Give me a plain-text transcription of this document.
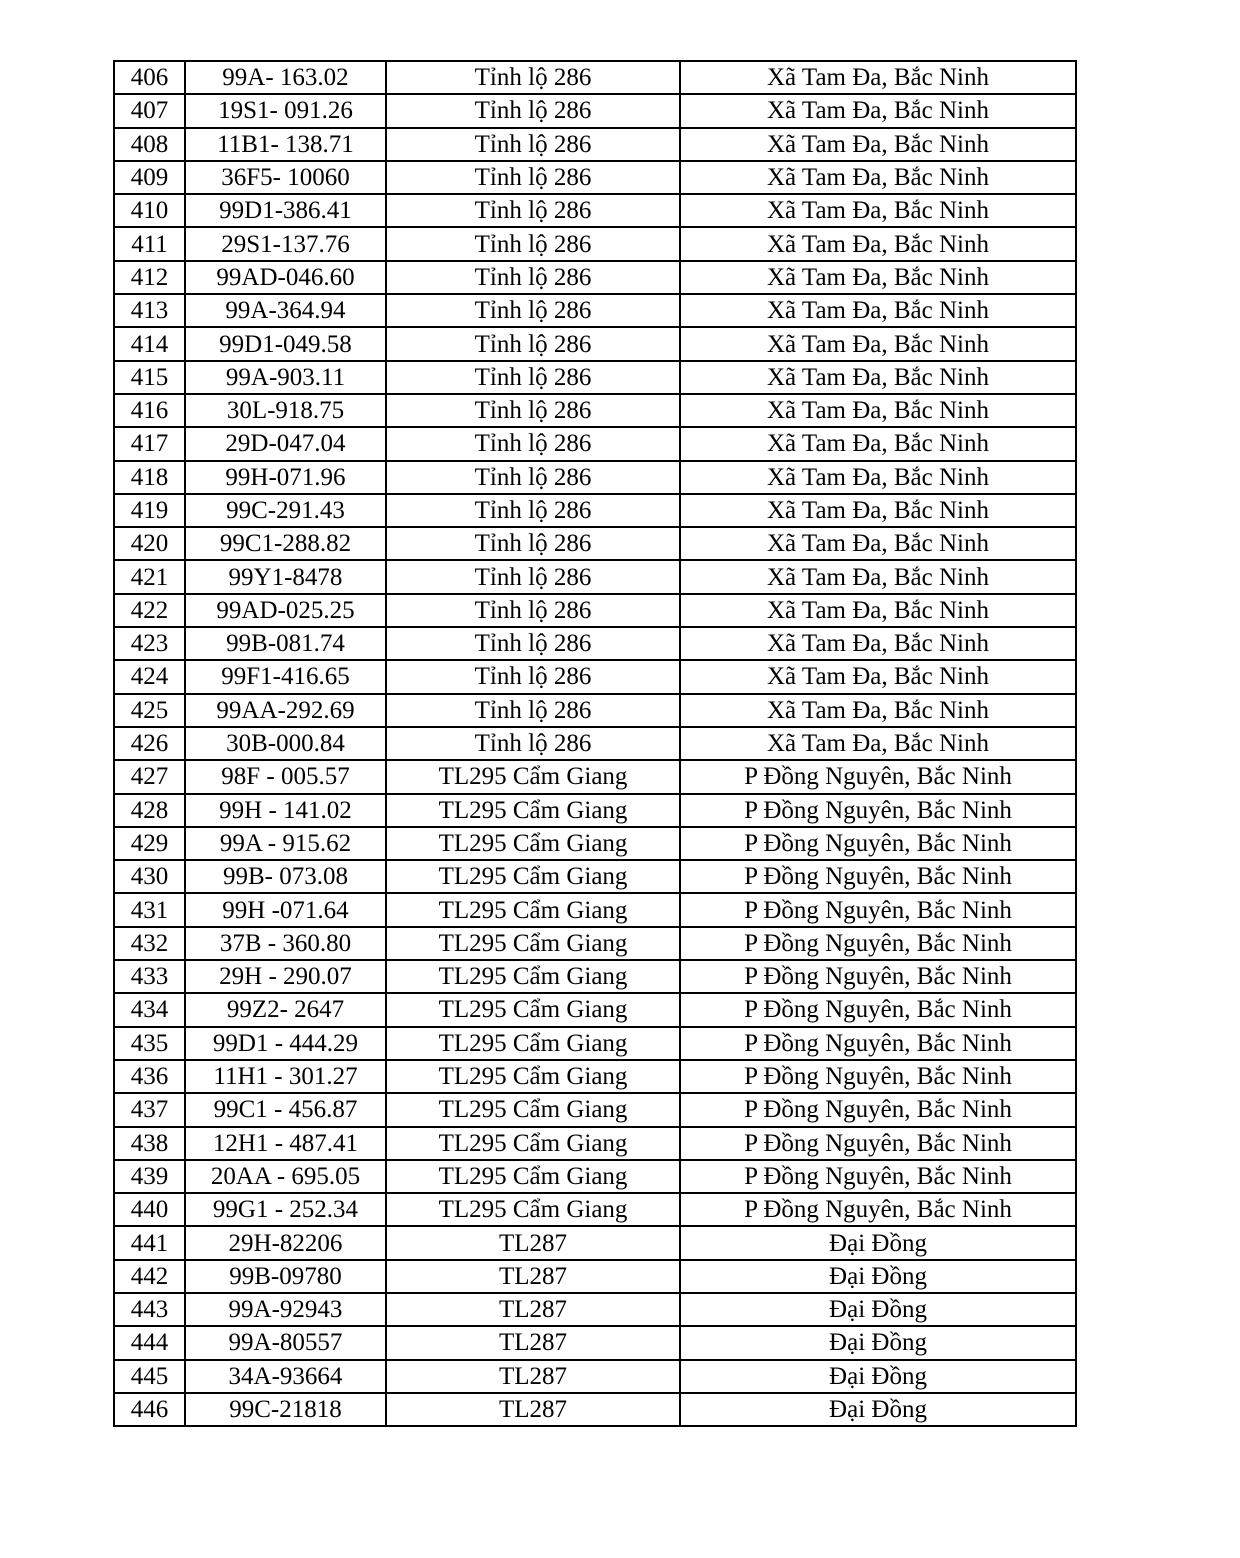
406	99A- 163.02	Tỉnh lộ 286	Xã Tam Đa, Bắc Ninh
407	19S1- 091.26	Tỉnh lộ 286	Xã Tam Đa, Bắc Ninh
408	11B1- 138.71	Tỉnh lộ 286	Xã Tam Đa, Bắc Ninh
409	36F5- 10060	Tỉnh lộ 286	Xã Tam Đa, Bắc Ninh
410	99D1-386.41	Tỉnh lộ 286	Xã Tam Đa, Bắc Ninh
411	29S1-137.76	Tỉnh lộ 286	Xã Tam Đa, Bắc Ninh
412	99AD-046.60	Tỉnh lộ 286	Xã Tam Đa, Bắc Ninh
413	99A-364.94	Tỉnh lộ 286	Xã Tam Đa, Bắc Ninh
414	99D1-049.58	Tỉnh lộ 286	Xã Tam Đa, Bắc Ninh
415	99A-903.11	Tỉnh lộ 286	Xã Tam Đa, Bắc Ninh
416	30L-918.75	Tỉnh lộ 286	Xã Tam Đa, Bắc Ninh
417	29D-047.04	Tỉnh lộ 286	Xã Tam Đa, Bắc Ninh
418	99H-071.96	Tỉnh lộ 286	Xã Tam Đa, Bắc Ninh
419	99C-291.43	Tỉnh lộ 286	Xã Tam Đa, Bắc Ninh
420	99C1-288.82	Tỉnh lộ 286	Xã Tam Đa, Bắc Ninh
421	99Y1-8478	Tỉnh lộ 286	Xã Tam Đa, Bắc Ninh
422	99AD-025.25	Tỉnh lộ 286	Xã Tam Đa, Bắc Ninh
423	99B-081.74	Tỉnh lộ 286	Xã Tam Đa, Bắc Ninh
424	99F1-416.65	Tỉnh lộ 286	Xã Tam Đa, Bắc Ninh
425	99AA-292.69	Tỉnh lộ 286	Xã Tam Đa, Bắc Ninh
426	30B-000.84	Tỉnh lộ 286	Xã Tam Đa, Bắc Ninh
427	98F - 005.57	TL295 Cẩm Giang	P Đồng Nguyên, Bắc Ninh
428	99H - 141.02	TL295 Cẩm Giang	P Đồng Nguyên, Bắc Ninh
429	99A - 915.62	TL295 Cẩm Giang	P Đồng Nguyên, Bắc Ninh
430	99B- 073.08	TL295 Cẩm Giang	P Đồng Nguyên, Bắc Ninh
431	99H -071.64	TL295 Cẩm Giang	P Đồng Nguyên, Bắc Ninh
432	37B - 360.80	TL295 Cẩm Giang	P Đồng Nguyên, Bắc Ninh
433	29H - 290.07	TL295 Cẩm Giang	P Đồng Nguyên, Bắc Ninh
434	99Z2- 2647	TL295 Cẩm Giang	P Đồng Nguyên, Bắc Ninh
435	99D1 - 444.29	TL295 Cẩm Giang	P Đồng Nguyên, Bắc Ninh
436	11H1 - 301.27	TL295 Cẩm Giang	P Đồng Nguyên, Bắc Ninh
437	99C1 - 456.87	TL295 Cẩm Giang	P Đồng Nguyên, Bắc Ninh
438	12H1 - 487.41	TL295 Cẩm Giang	P Đồng Nguyên, Bắc Ninh
439	20AA - 695.05	TL295 Cẩm Giang	P Đồng Nguyên, Bắc Ninh
440	99G1 - 252.34	TL295 Cẩm Giang	P Đồng Nguyên, Bắc Ninh
441	29H-82206	TL287	Đại Đồng
442	99B-09780	TL287	Đại Đồng
443	99A-92943	TL287	Đại Đồng
444	99A-80557	TL287	Đại Đồng
445	34A-93664	TL287	Đại Đồng
446	99C-21818	TL287	Đại Đồng
